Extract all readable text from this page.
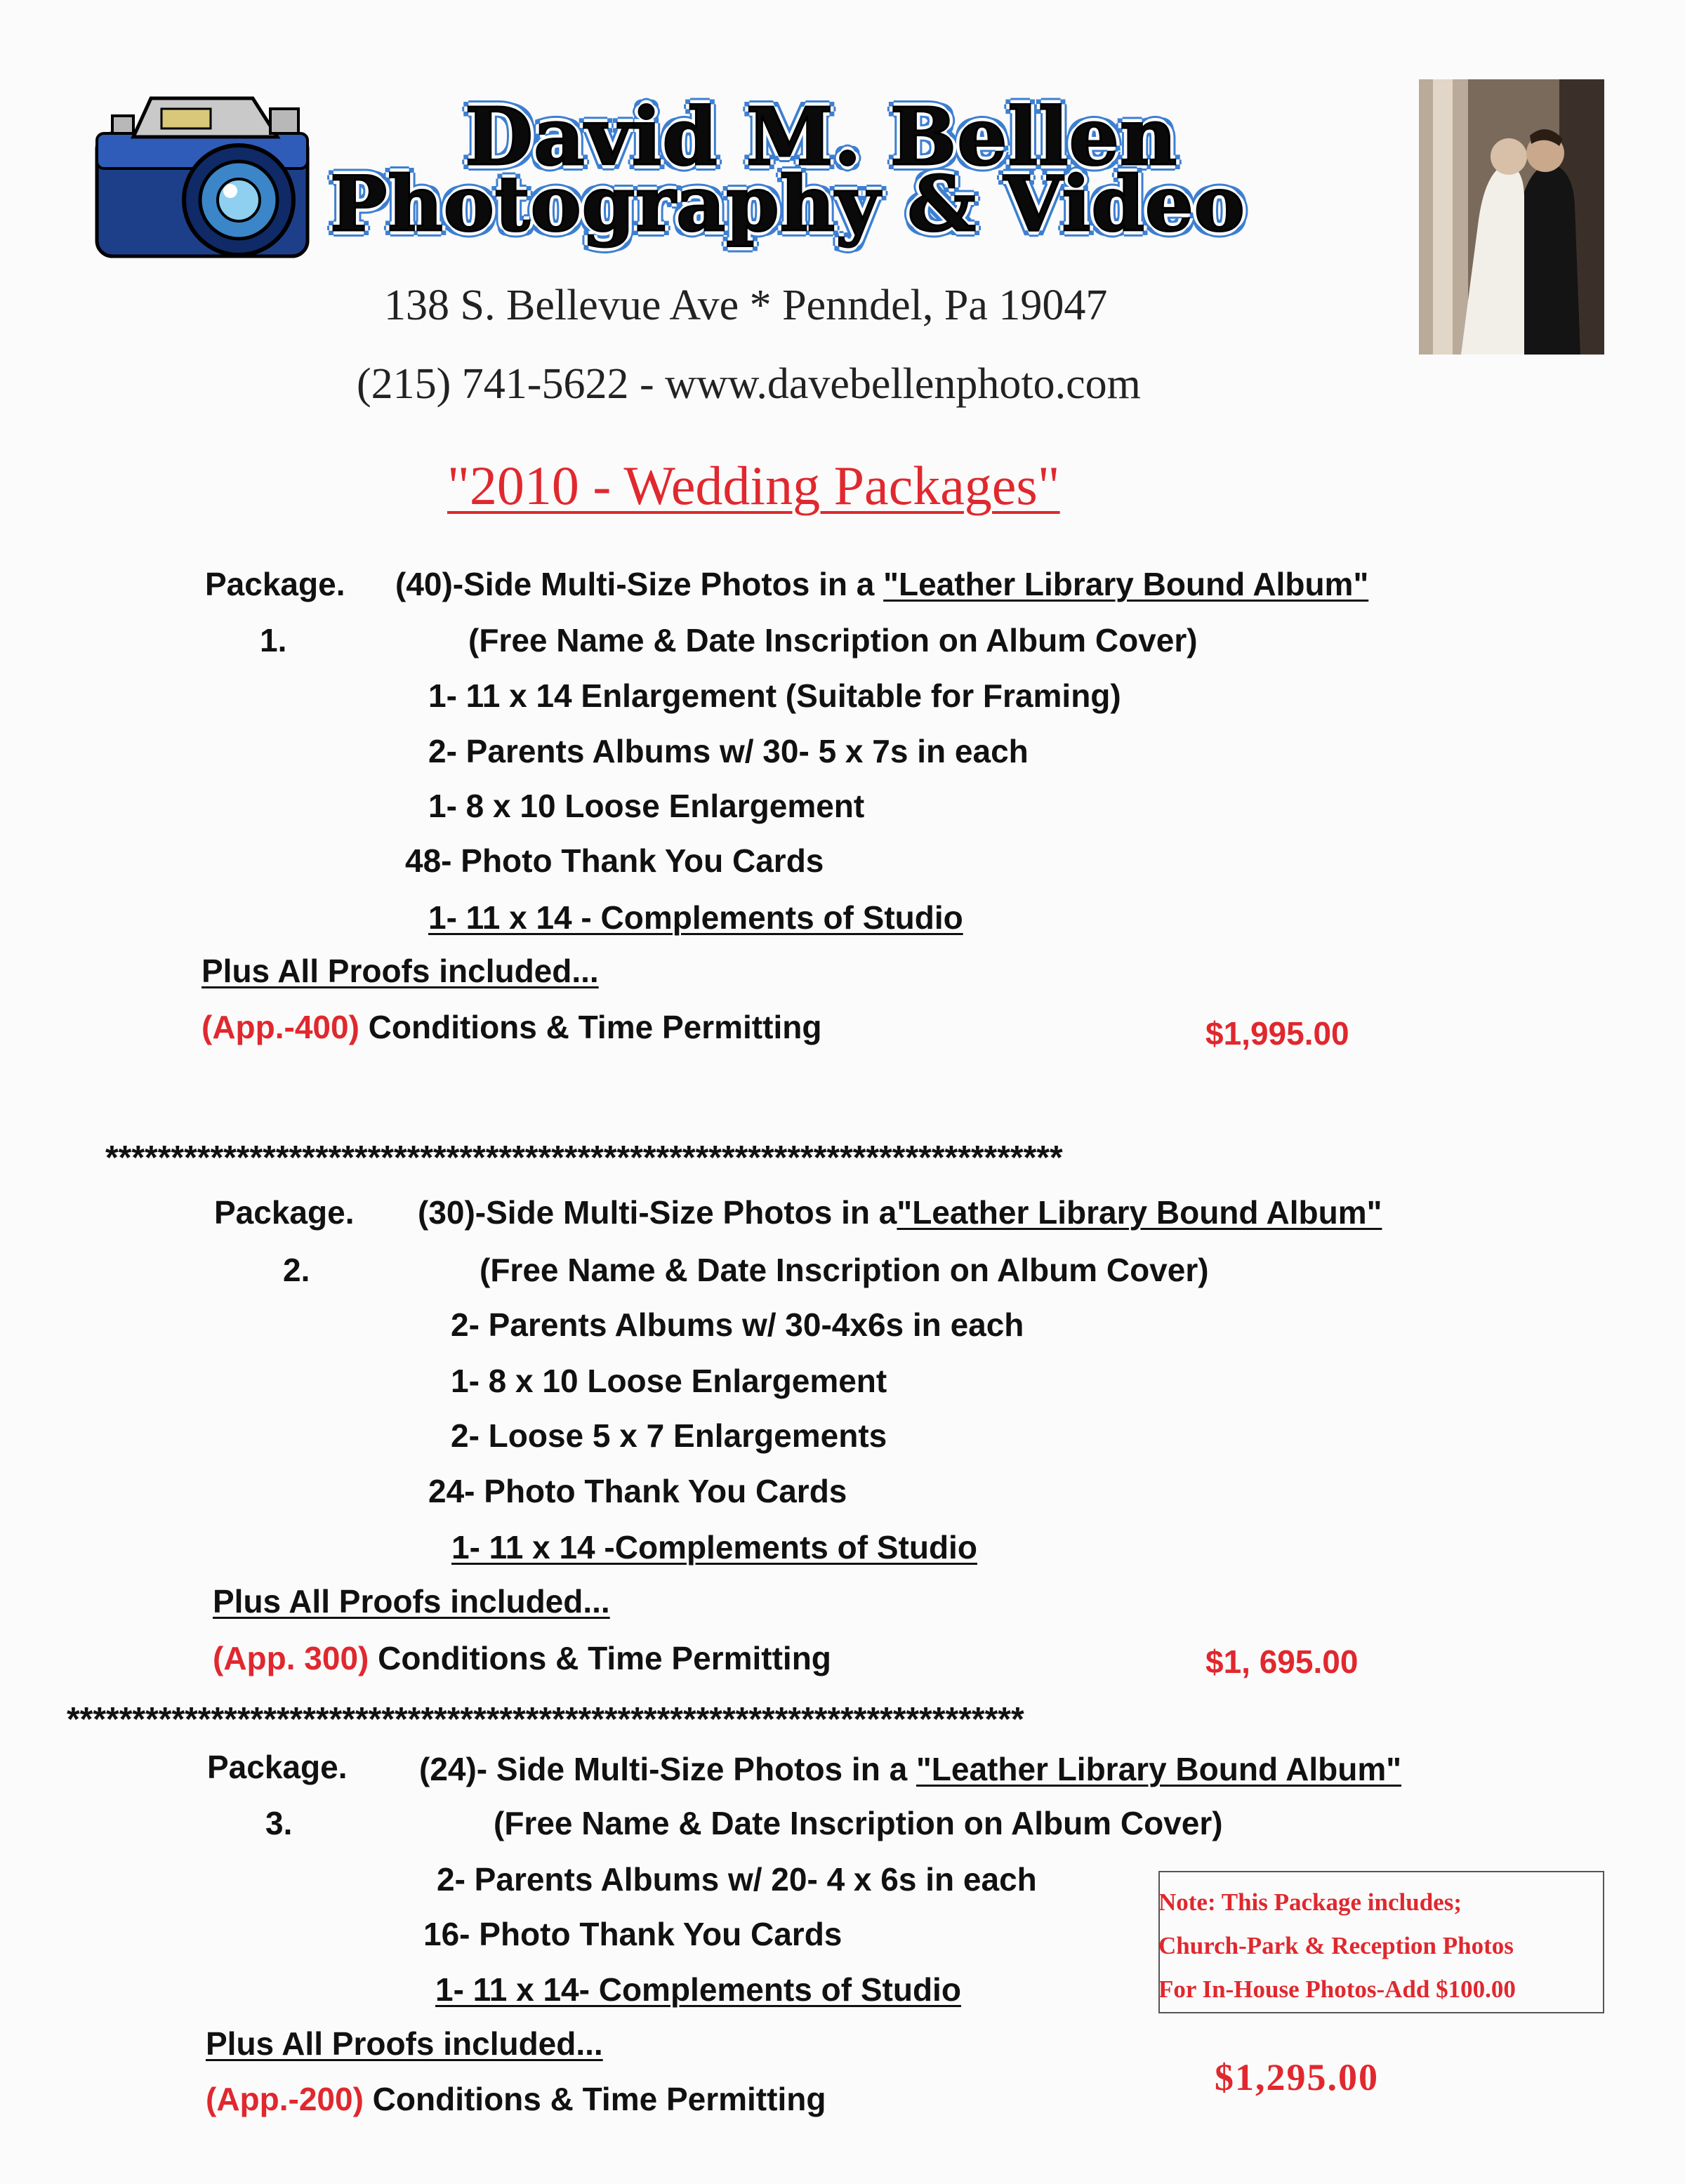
David M. Bellen
Photography & Video
138 S. Bellevue Ave * Penndel, Pa 19047
(215) 741-5622 - www.davebellenphoto.com
"2010 - Wedding Packages"
Package.
1.
(40)-Side Multi-Size Photos in a "Leather Library Bound Album"
(Free Name & Date Inscription on Album Cover)
1- 11 x 14 Enlargement (Suitable for Framing)
2- Parents Albums w/ 30- 5 x 7s in each
1- 8 x 10 Loose Enlargement
48- Photo Thank You Cards
1- 11 x 14 - Complements of Studio
Plus All Proofs included...
(App.-400) Conditions & Time Permitting	$1,995.00
*************************************************************************
Package.
2.
(30)-Side Multi-Size Photos in a"Leather Library Bound Album"
(Free Name & Date Inscription on Album Cover)
2- Parents Albums w/ 30-4x6s in each
1- 8 x 10 Loose Enlargement
2- Loose 5 x 7 Enlargements
24- Photo Thank You Cards
1- 11 x 14 -Complements of Studio
Plus All Proofs included...
(App. 300) Conditions & Time Permitting	$1, 695.00
*************************************************************************
Package.
3.
(24)- Side Multi-Size Photos in a "Leather Library Bound Album"
(Free Name & Date Inscription on Album Cover)
2- Parents Albums w/ 20- 4 x 6s in each
16- Photo Thank You Cards
1- 11 x 14- Complements of Studio
Plus All Proofs included...
(App.-200) Conditions & Time Permitting
Note: This Package includes;
Church-Park & Reception Photos
For In-House Photos-Add $100.00
$1,295.00
